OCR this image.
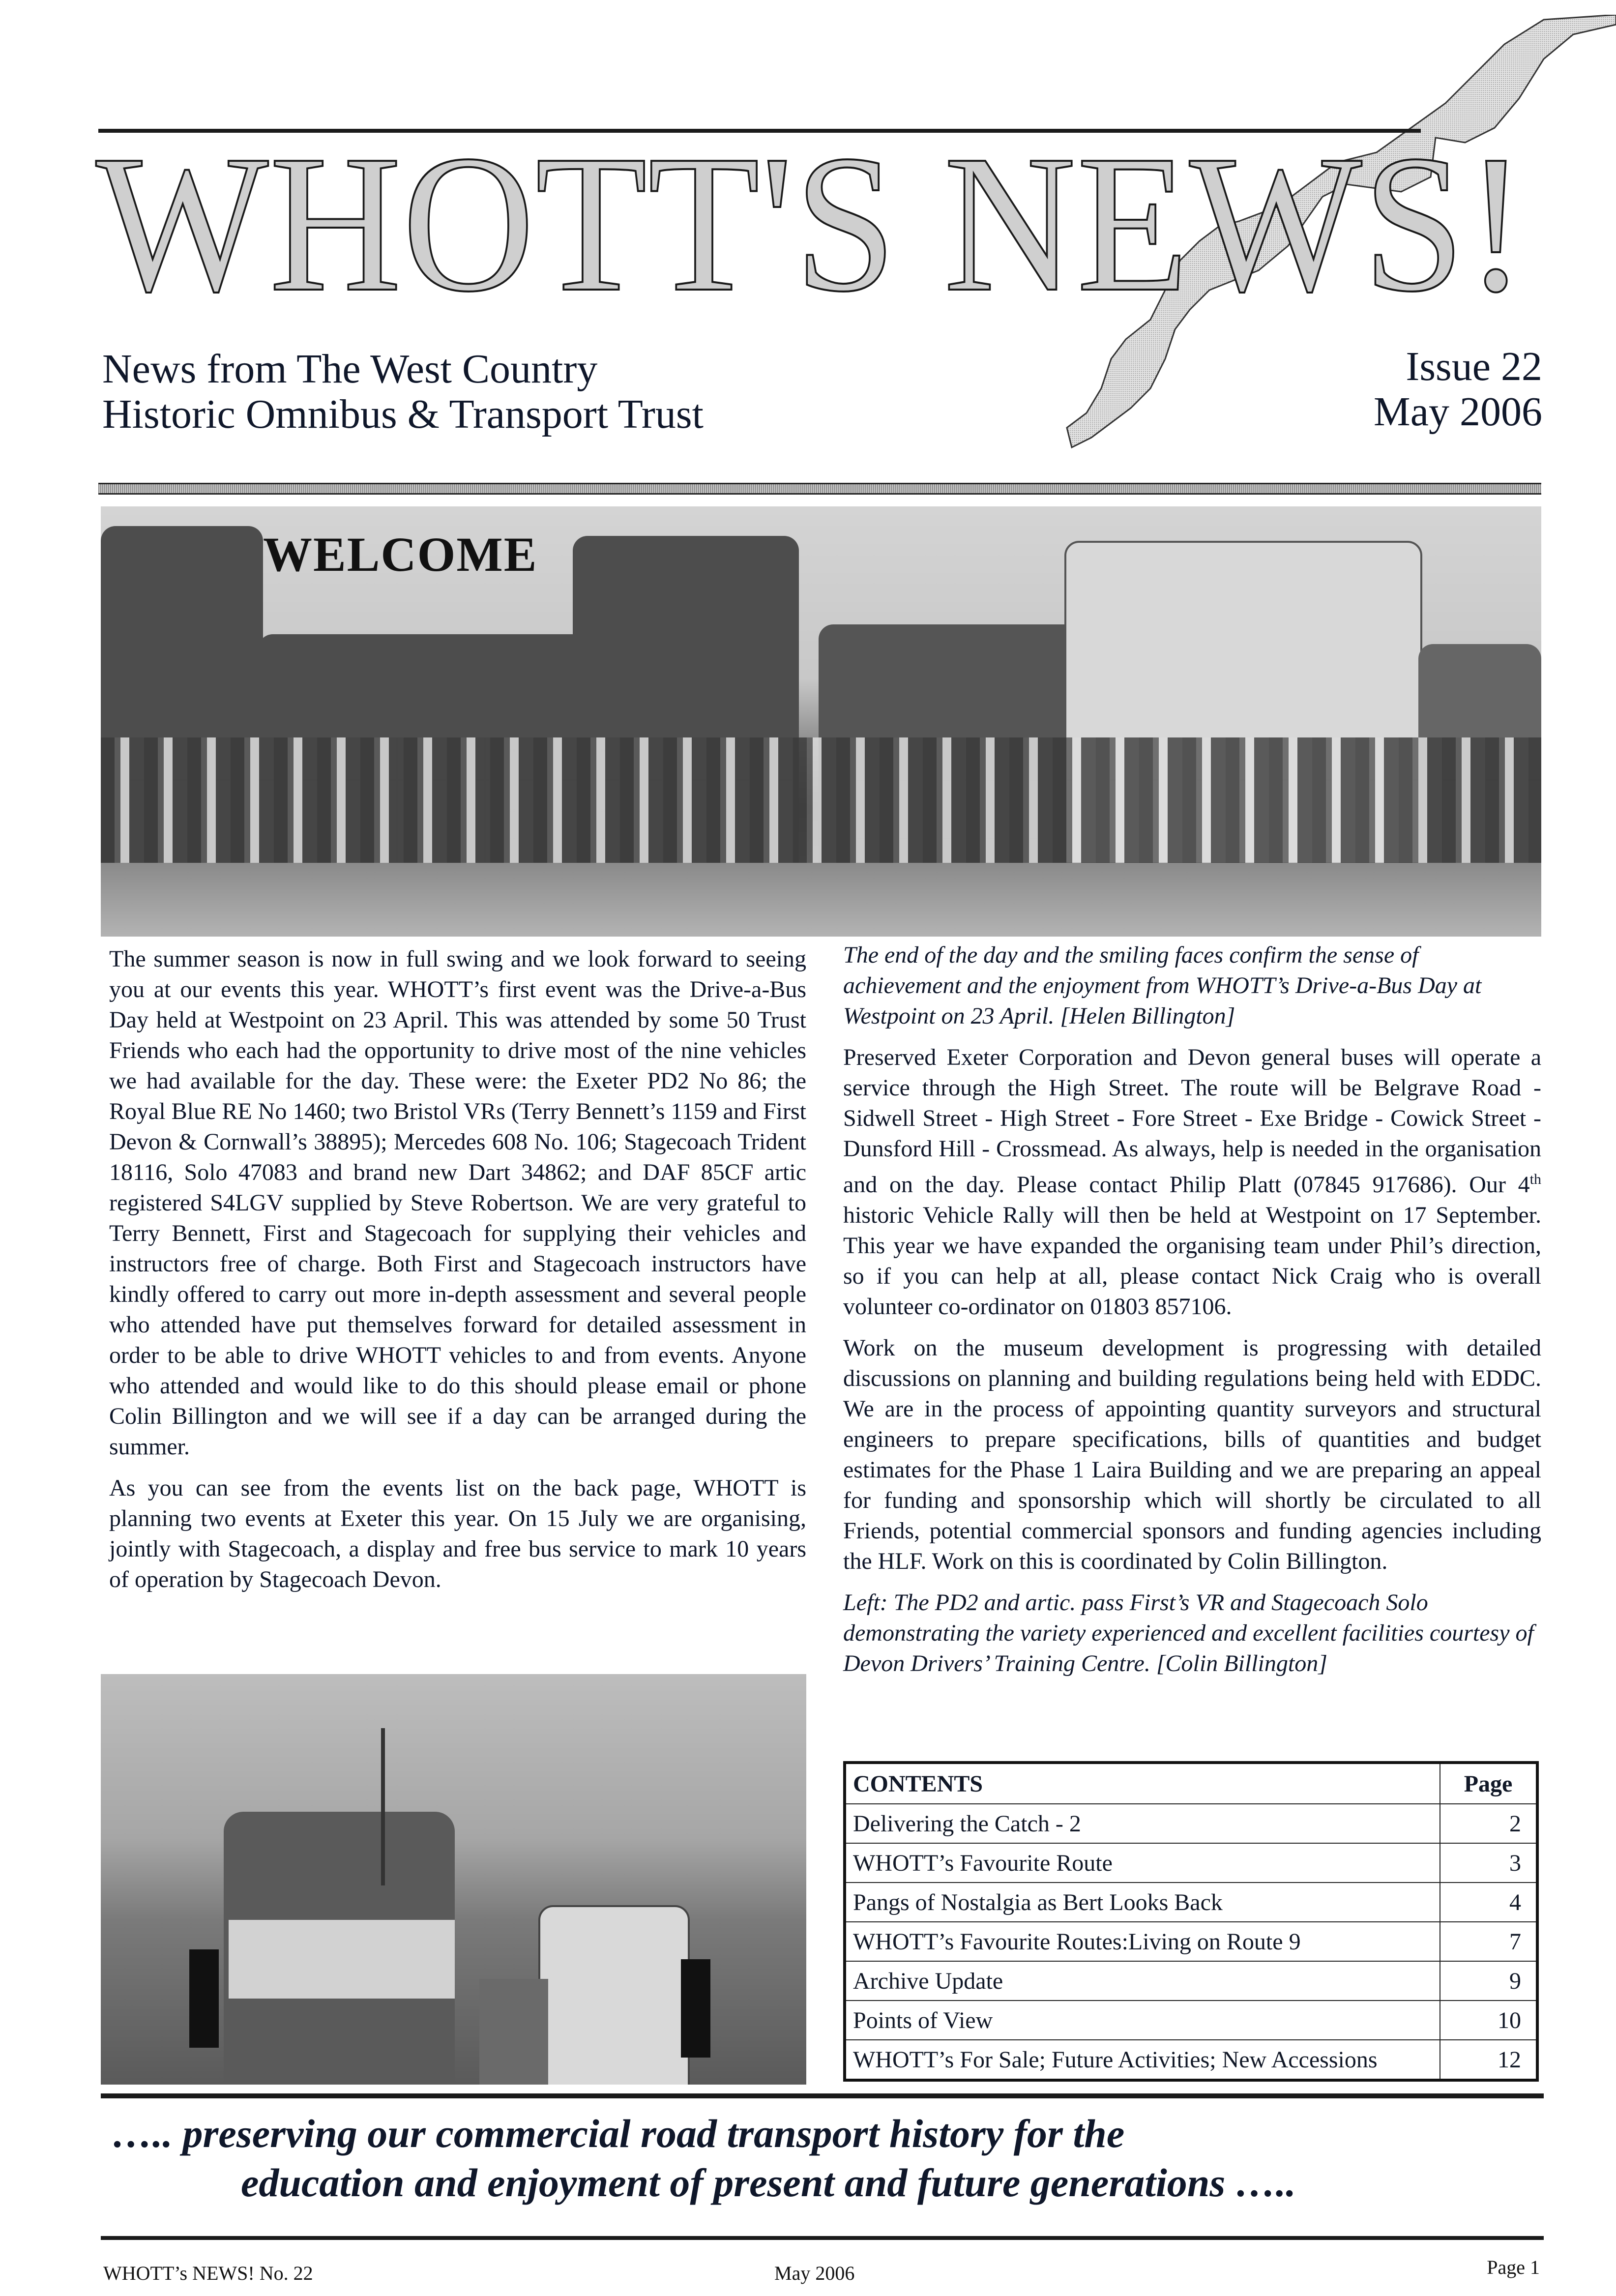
WHOTT'S NEWS!
News from The West Country
Historic Omnibus & Transport Trust
Issue 22
May 2006
WELCOME

The summer season is now in full swing and we look forward to seeing you at our events this year. WHOTT’s first event was the Drive-a-Bus Day held at Westpoint on 23 April. This was attended by some 50 Trust Friends who each had the opportunity to drive most of the nine vehicles we had available for the day. These were: the Exeter PD2 No 86; the Royal Blue RE No 1460; two Bristol VRs (Terry Bennett’s 1159 and First Devon & Cornwall’s 38895); Mercedes 608 No. 106; Stagecoach Trident 18116, Solo 47083 and brand new Dart 34862; and DAF 85CF artic registered S4LGV supplied by Steve Robertson. We are very grateful to Terry Bennett, First and Stagecoach for supplying their vehicles and instructors free of charge. Both First and Stagecoach instructors have kindly offered to carry out more in-depth assessment and several people who attended have put themselves forward for detailed assessment in order to be able to drive WHOTT vehicles to and from events. Anyone who attended and would like to do this should please email or phone Colin Billington and we will see if a day can be arranged during the summer.

As you can see from the events list on the back page, WHOTT is planning two events at Exeter this year. On 15 July we are organising, jointly with Stagecoach, a display and free bus service to mark 10 years of operation by Stagecoach Devon.

The end of the day and the smiling faces confirm the sense of achievement and the enjoyment from WHOTT’s Drive-a-Bus Day at Westpoint on 23 April. [Helen Billington]

Preserved Exeter Corporation and Devon general buses will operate a service through the High Street. The route will be Belgrave Road - Sidwell Street - High Street - Fore Street - Exe Bridge - Cowick Street - Dunsford Hill - Crossmead. As always, help is needed in the organisation and on the day. Please contact Philip Platt (07845 917686). Our 4th historic Vehicle Rally will then be held at Westpoint on 17 September. This year we have expanded the organising team under Phil’s direction, so if you can help at all, please contact Nick Craig who is overall volunteer co-ordinator on 01803 857106.

Work on the museum development is progressing with detailed discussions on planning and building regulations being held with EDDC. We are in the process of appointing quantity surveyors and structural engineers to prepare specifications, bills of quantities and budget estimates for the Phase 1 Laira Building and we are preparing an appeal for funding and sponsorship which will shortly be circulated to all Friends, potential commercial sponsors and funding agencies including the HLF. Work on this is coordinated by Colin Billington.

Left: The PD2 and artic. pass First’s VR and Stagecoach Solo demonstrating the variety experienced and excellent facilities courtesy of Devon Drivers’ Training Centre. [Colin Billington]

CONTENTS	Page
Delivering the Catch - 2	2
WHOTT’s Favourite Route	3
Pangs of Nostalgia as Bert Looks Back	4
WHOTT’s Favourite Routes:Living on Route 9	7
Archive Update	9
Points of View	10
WHOTT’s For Sale; Future Activities; New Accessions	12
….. preserving our commercial road transport history for the
education and enjoyment of present and future generations …..
WHOTT’s NEWS! No. 22	May 2006	Page 1
